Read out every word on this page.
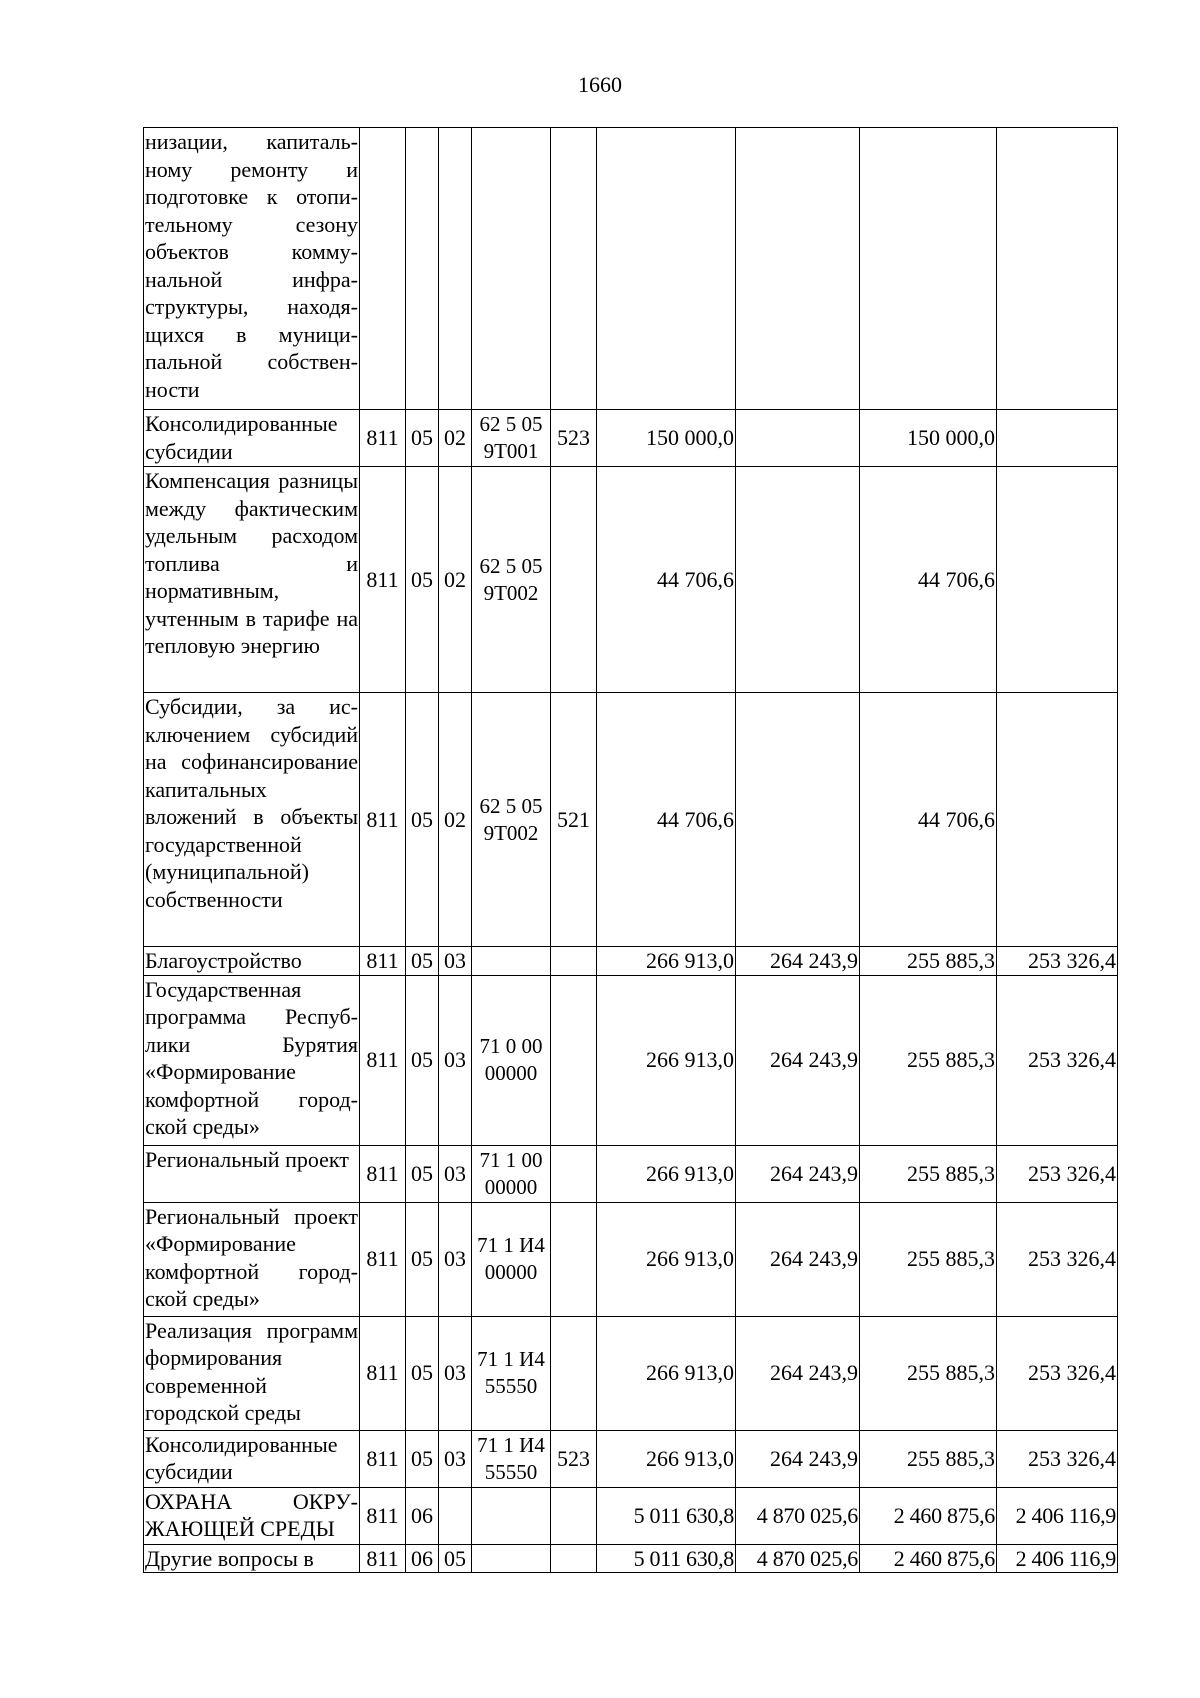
1660
низации, капитальному ремонту и подготовке к отопительному сезону объектов коммунальной инфраструктуры, находящихся в муниципальной собственности									
Консолидированные субсидии	811	05	02	62 5 05 9Т001	523	150 000,0		150 000,0	
Компенсация разницы между фактическим удельным расходом топлива и нормативным, учтенным в тарифе на тепловую энергию	811	05	02	62 5 05 9Т002		44 706,6		44 706,6	
Субсидии, за исключением субсидий на софинансирование капитальных вложений в объекты государственной (муниципальной) собственности	811	05	02	62 5 05 9Т002	521	44 706,6		44 706,6	
Благоустройство	811	05	03			266 913,0	264 243,9	255 885,3	253 326,4
Государственная программа Республики Бурятия «Формирование комфортной городской среды»	811	05	03	71 0 00 00000		266 913,0	264 243,9	255 885,3	253 326,4
Региональный проект	811	05	03	71 1 00 00000		266 913,0	264 243,9	255 885,3	253 326,4
Региональный проект «Формирование комфортной городской среды»	811	05	03	71 1 И4 00000		266 913,0	264 243,9	255 885,3	253 326,4
Реализация программ формирования современной городской среды	811	05	03	71 1 И4 55550		266 913,0	264 243,9	255 885,3	253 326,4
Консолидированные субсидии	811	05	03	71 1 И4 55550	523	266 913,0	264 243,9	255 885,3	253 326,4
ОХРАНА ОКРУЖАЮЩЕЙ СРЕДЫ	811	06				5 011 630,8	4 870 025,6	2 460 875,6	2 406 116,9
Другие вопросы в	811	06	05			5 011 630,8	4 870 025,6	2 460 875,6	2 406 116,9
